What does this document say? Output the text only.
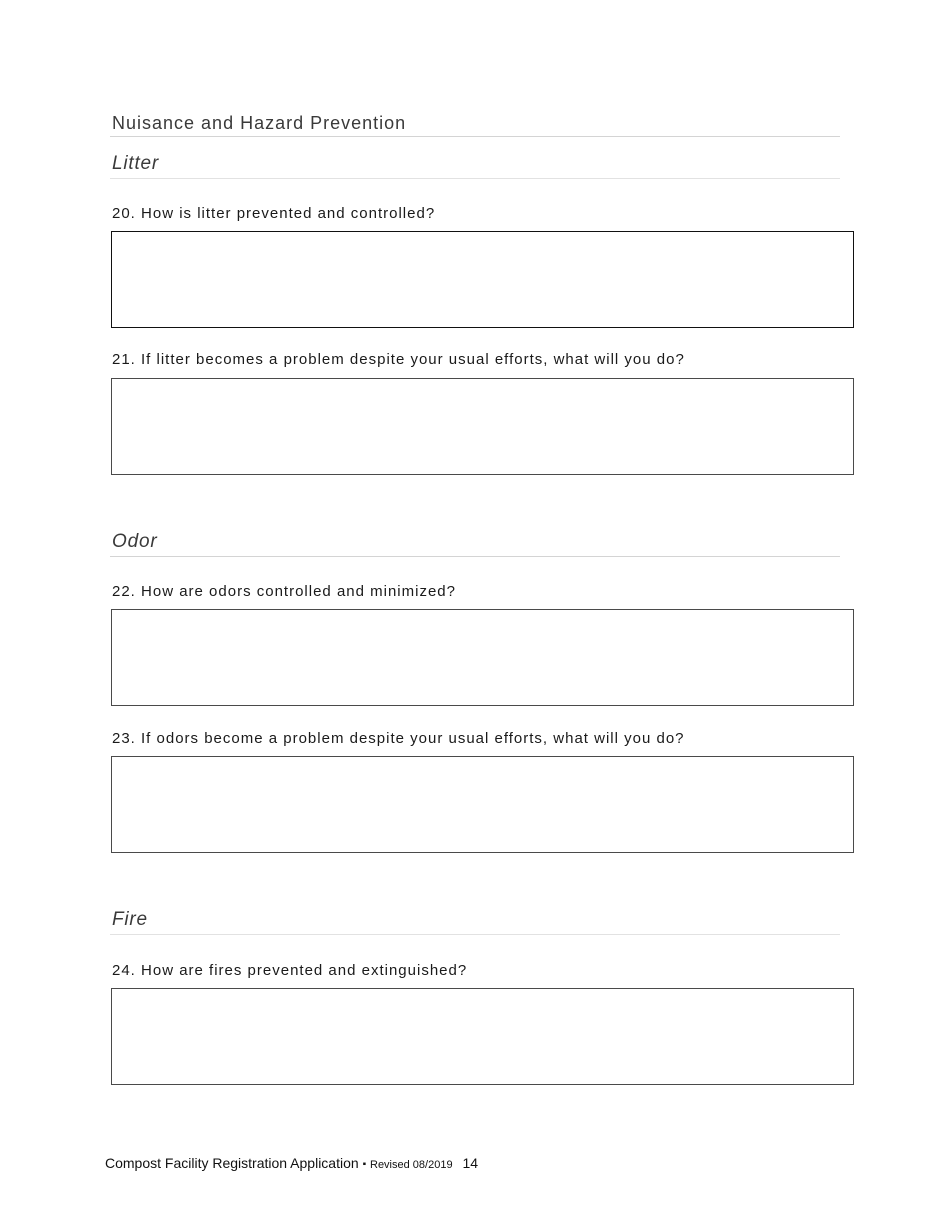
Nuisance and Hazard Prevention
Litter

20. How is litter prevented and controlled?

21. If litter becomes a problem despite your usual efforts, what will you do?

Odor

22. How are odors controlled and minimized?

23. If odors become a problem despite your usual efforts, what will you do?

Fire

24. How are fires prevented and extinguished?

Compost Facility Registration Application ▪ Revised 08/2019 14
